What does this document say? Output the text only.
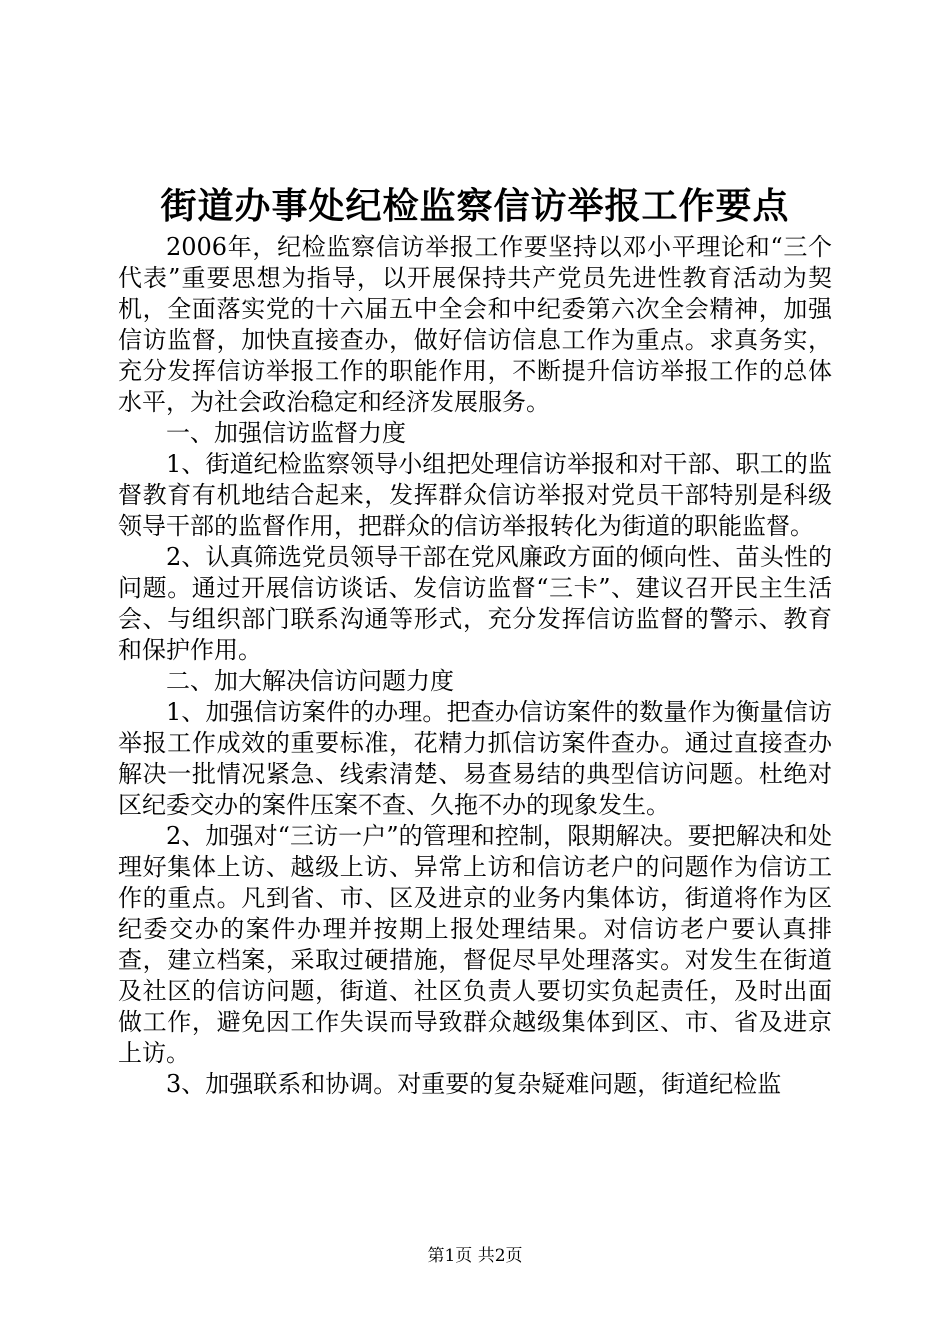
街道办事处纪检监察信访举报工作要点

2006年，纪检监察信访举报工作要坚持以邓小平理论和“三个代表”重要思想为指导，以开展保持共产党员先进性教育活动为契机，全面落实党的十六届五中全会和中纪委第六次全会精神，加强信访监督，加快直接查办，做好信访信息工作为重点。求真务实，充分发挥信访举报工作的职能作用，不断提升信访举报工作的总体水平，为社会政治稳定和经济发展服务。

一、加强信访监督力度

1、街道纪检监察领导小组把处理信访举报和对干部、职工的监督教育有机地结合起来，发挥群众信访举报对党员干部特别是科级领导干部的监督作用，把群众的信访举报转化为街道的职能监督。

2、认真筛选党员领导干部在党风廉政方面的倾向性、苗头性的问题。通过开展信访谈话、发信访监督“三卡”、建议召开民主生活会、与组织部门联系沟通等形式，充分发挥信访监督的警示、教育和保护作用。

二、加大解决信访问题力度

1、加强信访案件的办理。把查办信访案件的数量作为衡量信访举报工作成效的重要标准，花精力抓信访案件查办。通过直接查办解决一批情况紧急、线索清楚、易查易结的典型信访问题。杜绝对区纪委交办的案件压案不查、久拖不办的现象发生。

2、加强对“三访一户”的管理和控制，限期解决。要把解决和处理好集体上访、越级上访、异常上访和信访老户的问题作为信访工作的重点。凡到省、市、区及进京的业务内集体访，街道将作为区纪委交办的案件办理并按期上报处理结果。对信访老户要认真排查，建立档案，采取过硬措施，督促尽早处理落实。对发生在街道及社区的信访问题，街道、社区负责人要切实负起责任，及时出面做工作，避免因工作失误而导致群众越级集体到区、市、省及进京上访。

3、加强联系和协调。对重要的复杂疑难问题，街道纪检监

第1页 共2页
